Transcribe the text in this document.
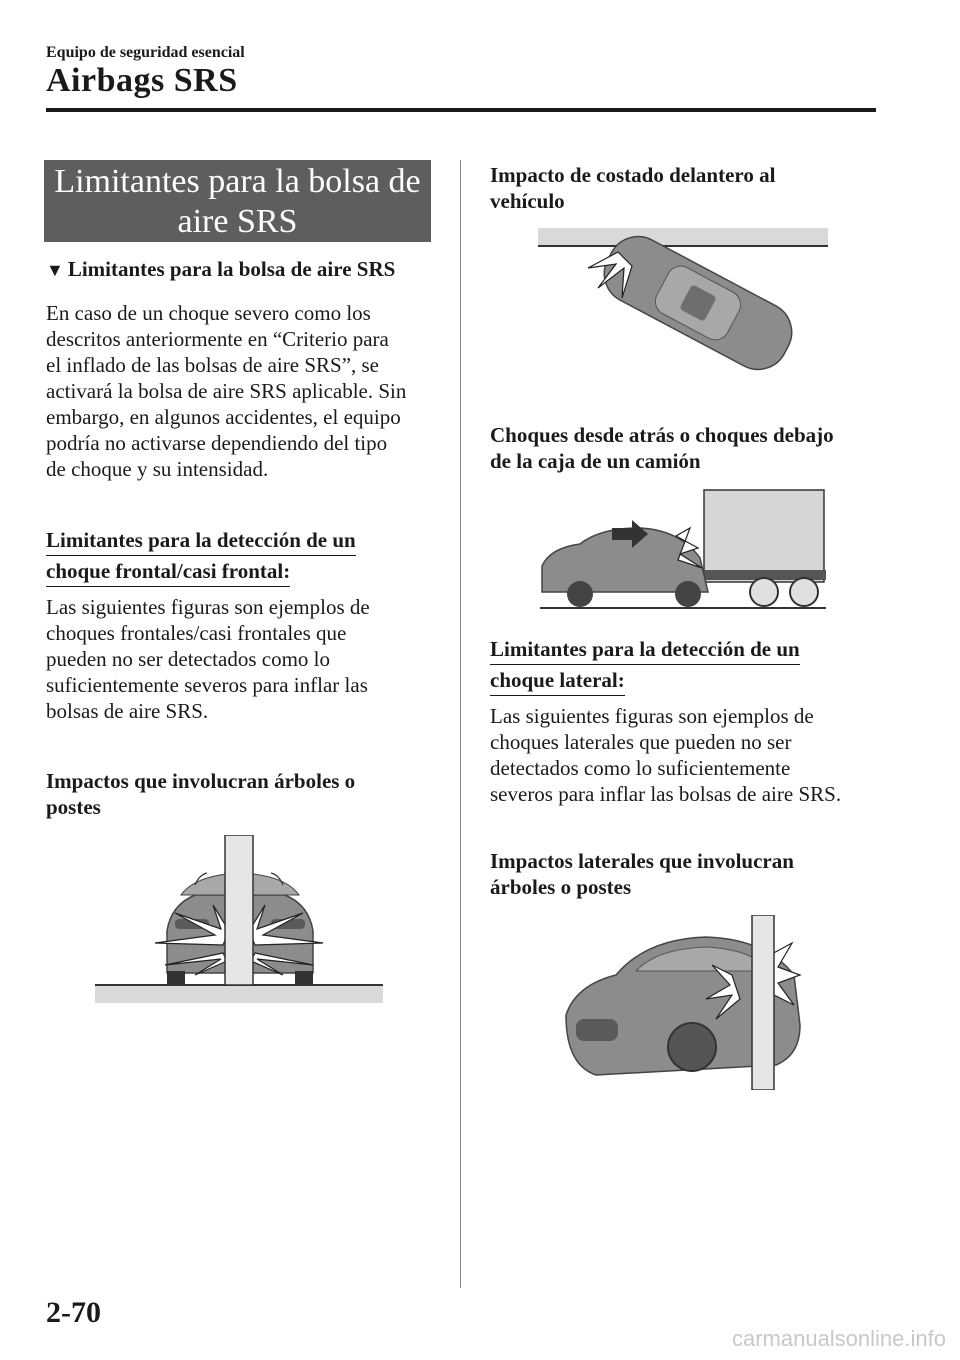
Equipo de seguridad esencial
Airbags SRS
Limitantes para la bolsa de
aire SRS
▼ Limitantes para la bolsa de aire SRS
En caso de un choque severo como los
descritos anteriormente en “Criterio para
el inflado de las bolsas de aire SRS”, se
activará la bolsa de aire SRS aplicable. Sin
embargo, en algunos accidentes, el equipo
podría no activarse dependiendo del tipo
de choque y su intensidad.
Limitantes para la detección de un
choque frontal/casi frontal:
Las siguientes figuras son ejemplos de
choques frontales/casi frontales que
pueden no ser detectados como lo
suficientemente severos para inflar las
bolsas de aire SRS.
Impactos que involucran árboles o
postes
Impacto de costado delantero al
vehículo
Choques desde atrás o choques debajo
de la caja de un camión
Limitantes para la detección de un
choque lateral:
Las siguientes figuras son ejemplos de
choques laterales que pueden no ser
detectados como lo suficientemente
severos para inflar las bolsas de aire SRS.
Impactos laterales que involucran
árboles o postes
2-70
carmanualsonline.info
